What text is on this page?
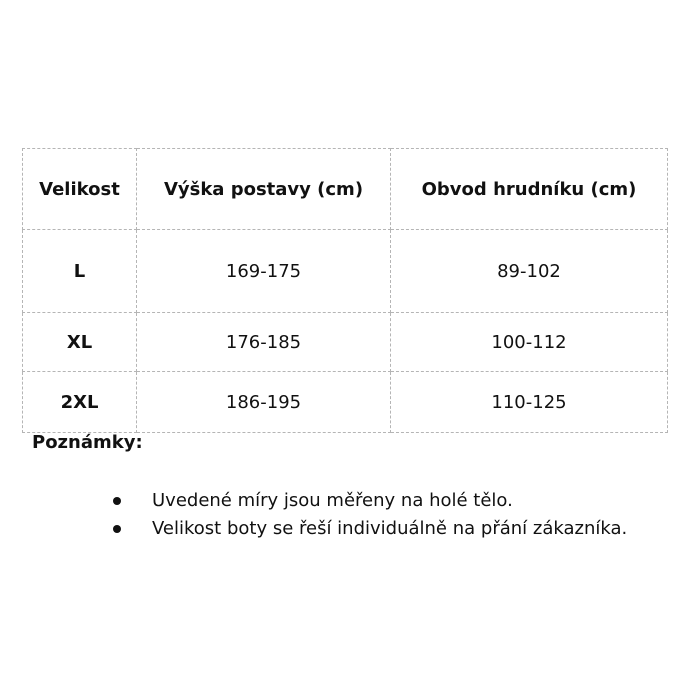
Velikost	Výška postavy (cm)	Obvod hrudníku (cm)
L	169-175	89-102
XL	176-185	100-112
2XL	186-195	110-125

Poznámky:

Uvedené míry jsou měřeny na holé tělo.
Velikost boty se řeší individuálně na přání zákazníka.
